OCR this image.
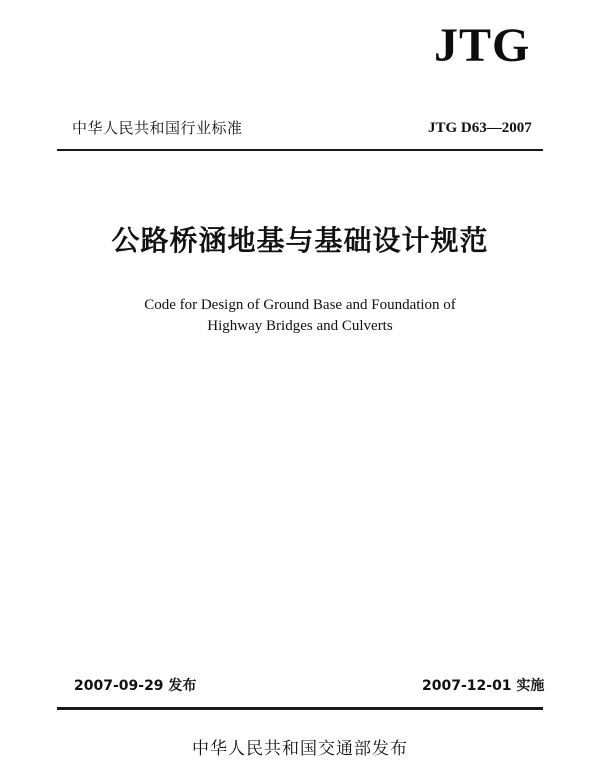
JTG
中华人民共和国行业标准	JTG D63—2007
公路桥涵地基与基础设计规范
Code for Design of Ground Base and Foundation of
Highway Bridges and Culverts
2007-09-29 发布	2007-12-01 实施
中华人民共和国交通部发布
